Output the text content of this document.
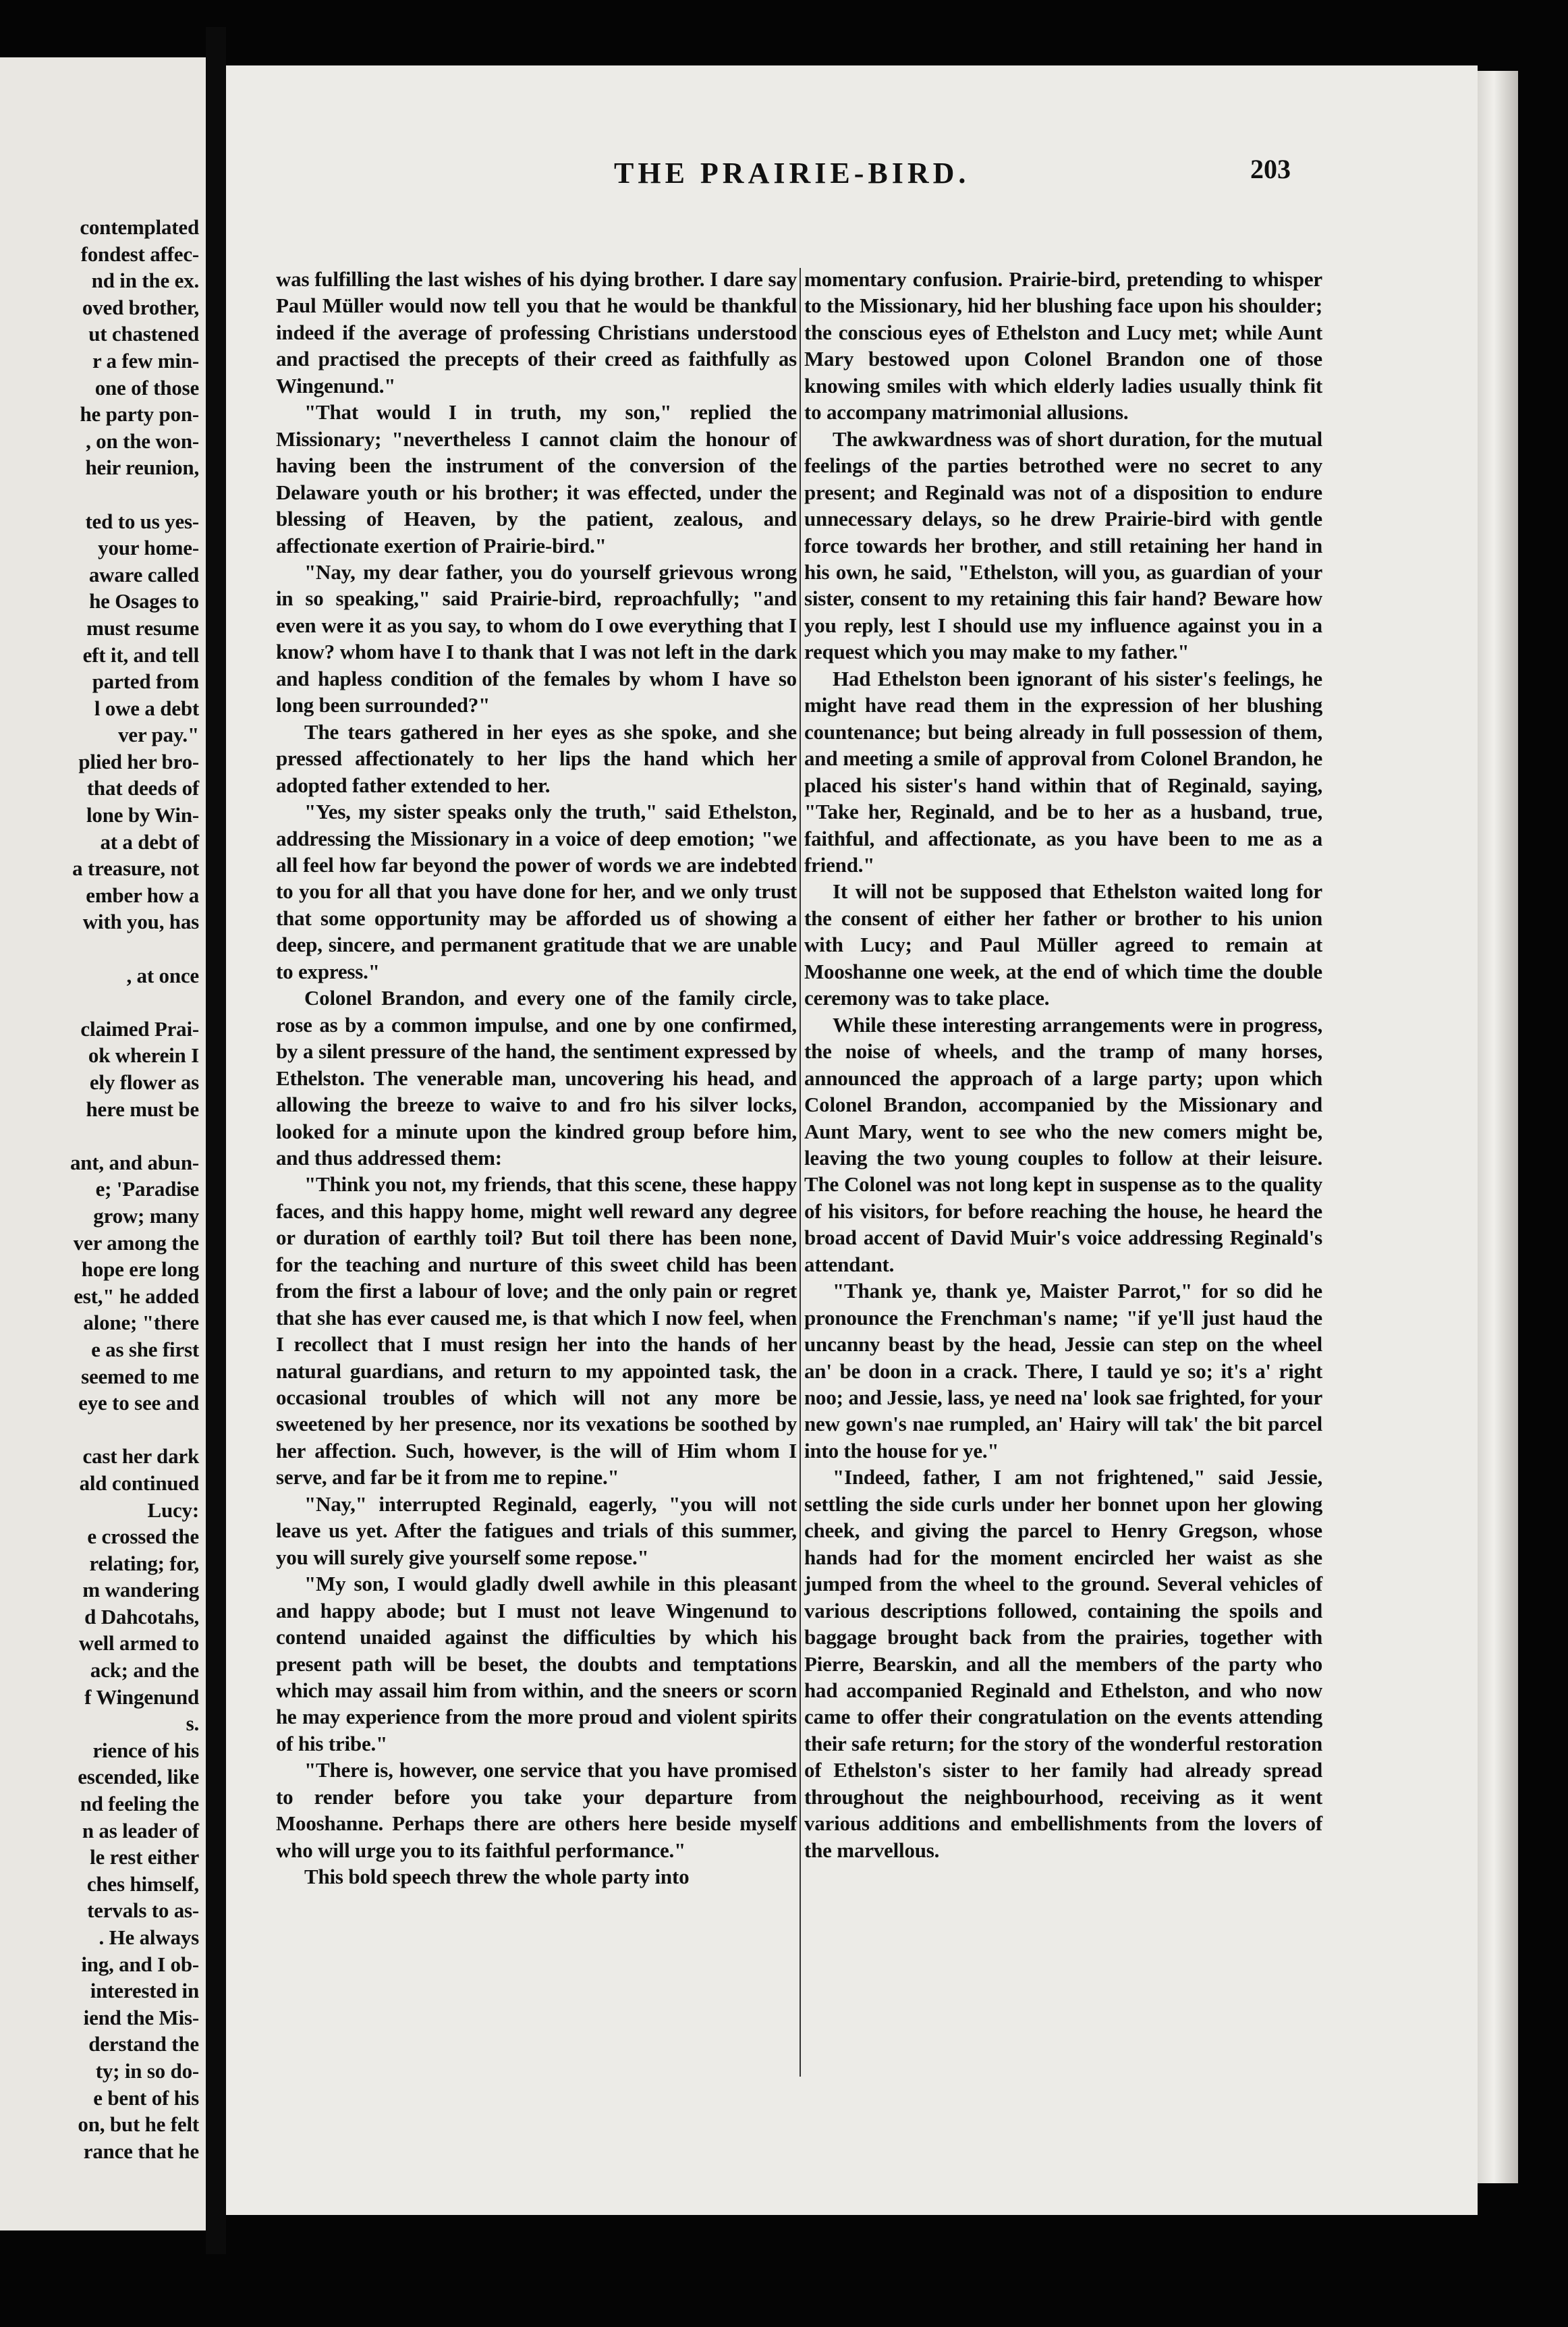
contemplated
fondest affec-
nd in the ex.
oved brother,
ut chastened
r a few min-
one of those
he party pon-
, on the won-
heir reunion,
ted to us yes-
your home-
aware called
he Osages to
must resume
eft it, and tell
parted from
l owe a debt
ver pay."
plied her bro-
that deeds of
lone by Win-
at a debt of
a treasure, not
ember how a
with you, has
, at once
claimed Prai-
ok wherein I
ely flower as
here must be
ant, and abun-
e; 'Paradise
grow; many
ver among the
hope ere long
est," he added
alone; "there
e as she first
seemed to me
eye to see and
cast her dark
ald continued
Lucy:
e crossed the
relating; for,
m wandering
d Dahcotahs,
well armed to
ack; and the
f Wingenund
s.
rience of his
escended, like
nd feeling the
n as leader of
le rest either
ches himself,
tervals to as-
. He always
ing, and I ob-
interested in
iend the Mis-
derstand the
ty; in so do-
e bent of his
on, but he felt
rance that he
THE PRAIRIE-BIRD.	203

was fulfilling the last wishes of his dying brother. I dare say Paul Müller would now tell you that he would be thankful indeed if the average of professing Christians understood and practised the precepts of their creed as faithfully as Wingenund."

"That would I in truth, my son," replied the Missionary; "nevertheless I cannot claim the honour of having been the instrument of the conversion of the Delaware youth or his brother; it was effected, under the blessing of Heaven, by the patient, zealous, and affectionate exertion of Prairie-bird."

"Nay, my dear father, you do yourself grievous wrong in so speaking," said Prairie-bird, reproachfully; "and even were it as you say, to whom do I owe everything that I know? whom have I to thank that I was not left in the dark and hapless condition of the females by whom I have so long been surrounded?"

The tears gathered in her eyes as she spoke, and she pressed affectionately to her lips the hand which her adopted father extended to her.

"Yes, my sister speaks only the truth," said Ethelston, addressing the Missionary in a voice of deep emotion; "we all feel how far beyond the power of words we are indebted to you for all that you have done for her, and we only trust that some opportunity may be afforded us of showing a deep, sincere, and permanent gratitude that we are unable to express."

Colonel Brandon, and every one of the family circle, rose as by a common impulse, and one by one confirmed, by a silent pressure of the hand, the sentiment expressed by Ethelston. The venerable man, uncovering his head, and allowing the breeze to waive to and fro his silver locks, looked for a minute upon the kindred group before him, and thus addressed them:

"Think you not, my friends, that this scene, these happy faces, and this happy home, might well reward any degree or duration of earthly toil? But toil there has been none, for the teaching and nurture of this sweet child has been from the first a labour of love; and the only pain or regret that she has ever caused me, is that which I now feel, when I recollect that I must resign her into the hands of her natural guardians, and return to my appointed task, the occasional troubles of which will not any more be sweetened by her presence, nor its vexations be soothed by her affection. Such, however, is the will of Him whom I serve, and far be it from me to repine."

"Nay," interrupted Reginald, eagerly, "you will not leave us yet. After the fatigues and trials of this summer, you will surely give yourself some repose."

"My son, I would gladly dwell awhile in this pleasant and happy abode; but I must not leave Wingenund to contend unaided against the difficulties by which his present path will be beset, the doubts and temptations which may assail him from within, and the sneers or scorn he may experience from the more proud and violent spirits of his tribe."

"There is, however, one service that you have promised to render before you take your departure from Mooshanne. Perhaps there are others here beside myself who will urge you to its faithful performance."

This bold speech threw the whole party into

momentary confusion. Prairie-bird, pretending to whisper to the Missionary, hid her blushing face upon his shoulder; the conscious eyes of Ethelston and Lucy met; while Aunt Mary bestowed upon Colonel Brandon one of those knowing smiles with which elderly ladies usually think fit to accompany matrimonial allusions.

The awkwardness was of short duration, for the mutual feelings of the parties betrothed were no secret to any present; and Reginald was not of a disposition to endure unnecessary delays, so he drew Prairie-bird with gentle force towards her brother, and still retaining her hand in his own, he said, "Ethelston, will you, as guardian of your sister, consent to my retaining this fair hand? Beware how you reply, lest I should use my influence against you in a request which you may make to my father."

Had Ethelston been ignorant of his sister's feelings, he might have read them in the expression of her blushing countenance; but being already in full possession of them, and meeting a smile of approval from Colonel Brandon, he placed his sister's hand within that of Reginald, saying, "Take her, Reginald, and be to her as a husband, true, faithful, and affectionate, as you have been to me as a friend."

It will not be supposed that Ethelston waited long for the consent of either her father or brother to his union with Lucy; and Paul Müller agreed to remain at Mooshanne one week, at the end of which time the double ceremony was to take place.

While these interesting arrangements were in progress, the noise of wheels, and the tramp of many horses, announced the approach of a large party; upon which Colonel Brandon, accompanied by the Missionary and Aunt Mary, went to see who the new comers might be, leaving the two young couples to follow at their leisure. The Colonel was not long kept in suspense as to the quality of his visitors, for before reaching the house, he heard the broad accent of David Muir's voice addressing Reginald's attendant.

"Thank ye, thank ye, Maister Parrot," for so did he pronounce the Frenchman's name; "if ye'll just haud the uncanny beast by the head, Jessie can step on the wheel an' be doon in a crack. There, I tauld ye so; it's a' right noo; and Jessie, lass, ye need na' look sae frighted, for your new gown's nae rumpled, an' Hairy will tak' the bit parcel into the house for ye."

"Indeed, father, I am not frightened," said Jessie, settling the side curls under her bonnet upon her glowing cheek, and giving the parcel to Henry Gregson, whose hands had for the moment encircled her waist as she jumped from the wheel to the ground. Several vehicles of various descriptions followed, containing the spoils and baggage brought back from the prairies, together with Pierre, Bearskin, and all the members of the party who had accompanied Reginald and Ethelston, and who now came to offer their congratulation on the events attending their safe return; for the story of the wonderful restoration of Ethelston's sister to her family had already spread throughout the neighbourhood, receiving as it went various additions and embellishments from the lovers of the marvellous.
